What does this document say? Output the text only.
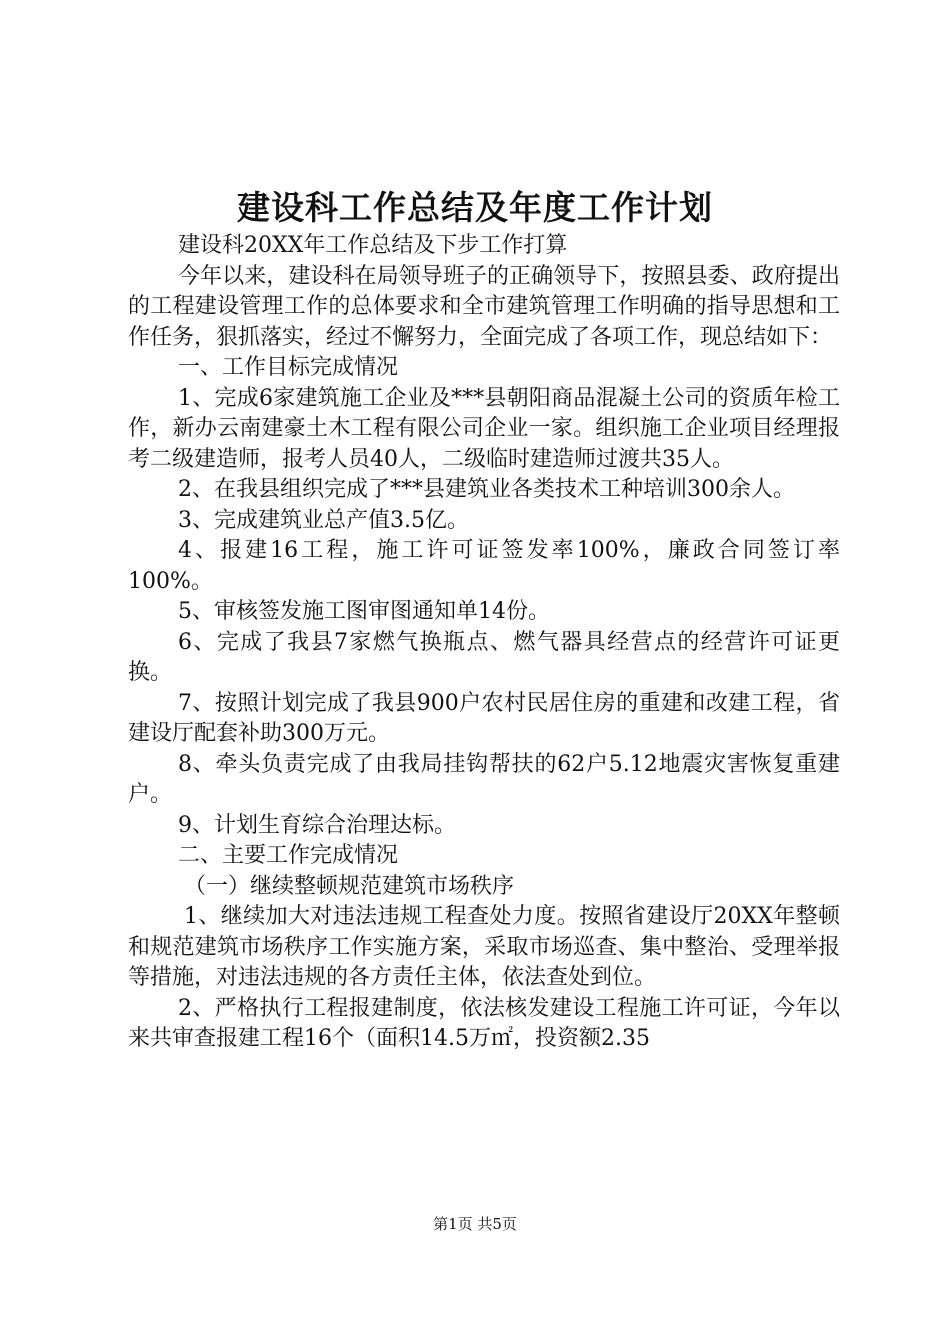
建设科工作总结及年度工作计划

建设科20XX年工作总结及下步工作打算

今年以来，建设科在局领导班子的正确领导下，按照县委、政府提出的工程建设管理工作的总体要求和全市建筑管理工作明确的指导思想和工作任务，狠抓落实，经过不懈努力，全面完成了各项工作，现总结如下：

一、工作目标完成情况

1、完成6家建筑施工企业及***县朝阳商品混凝土公司的资质年检工作，新办云南建豪土木工程有限公司企业一家。组织施工企业项目经理报考二级建造师，报考人员40人，二级临时建造师过渡共35人。

2、在我县组织完成了***县建筑业各类技术工种培训300余人。

3、完成建筑业总产值3.5亿。

4、报建16工程，施工许可证签发率100%，廉政合同签订率100%。

5、审核签发施工图审图通知单14份。

6、完成了我县7家燃气换瓶点、燃气器具经营点的经营许可证更换。

7、按照计划完成了我县900户农村民居住房的重建和改建工程，省建设厅配套补助300万元。

8、牵头负责完成了由我局挂钩帮扶的62户5.12地震灾害恢复重建户。

9、计划生育综合治理达标。

二、主要工作完成情况

（一）继续整顿规范建筑市场秩序

1、继续加大对违法违规工程查处力度。按照省建设厅20XX年整顿和规范建筑市场秩序工作实施方案，采取市场巡查、集中整治、受理举报等措施，对违法违规的各方责任主体，依法查处到位。

2、严格执行工程报建制度，依法核发建设工程施工许可证，今年以来共审查报建工程16个（面积14.5万㎡，投资额2.35

第1页 共5页
